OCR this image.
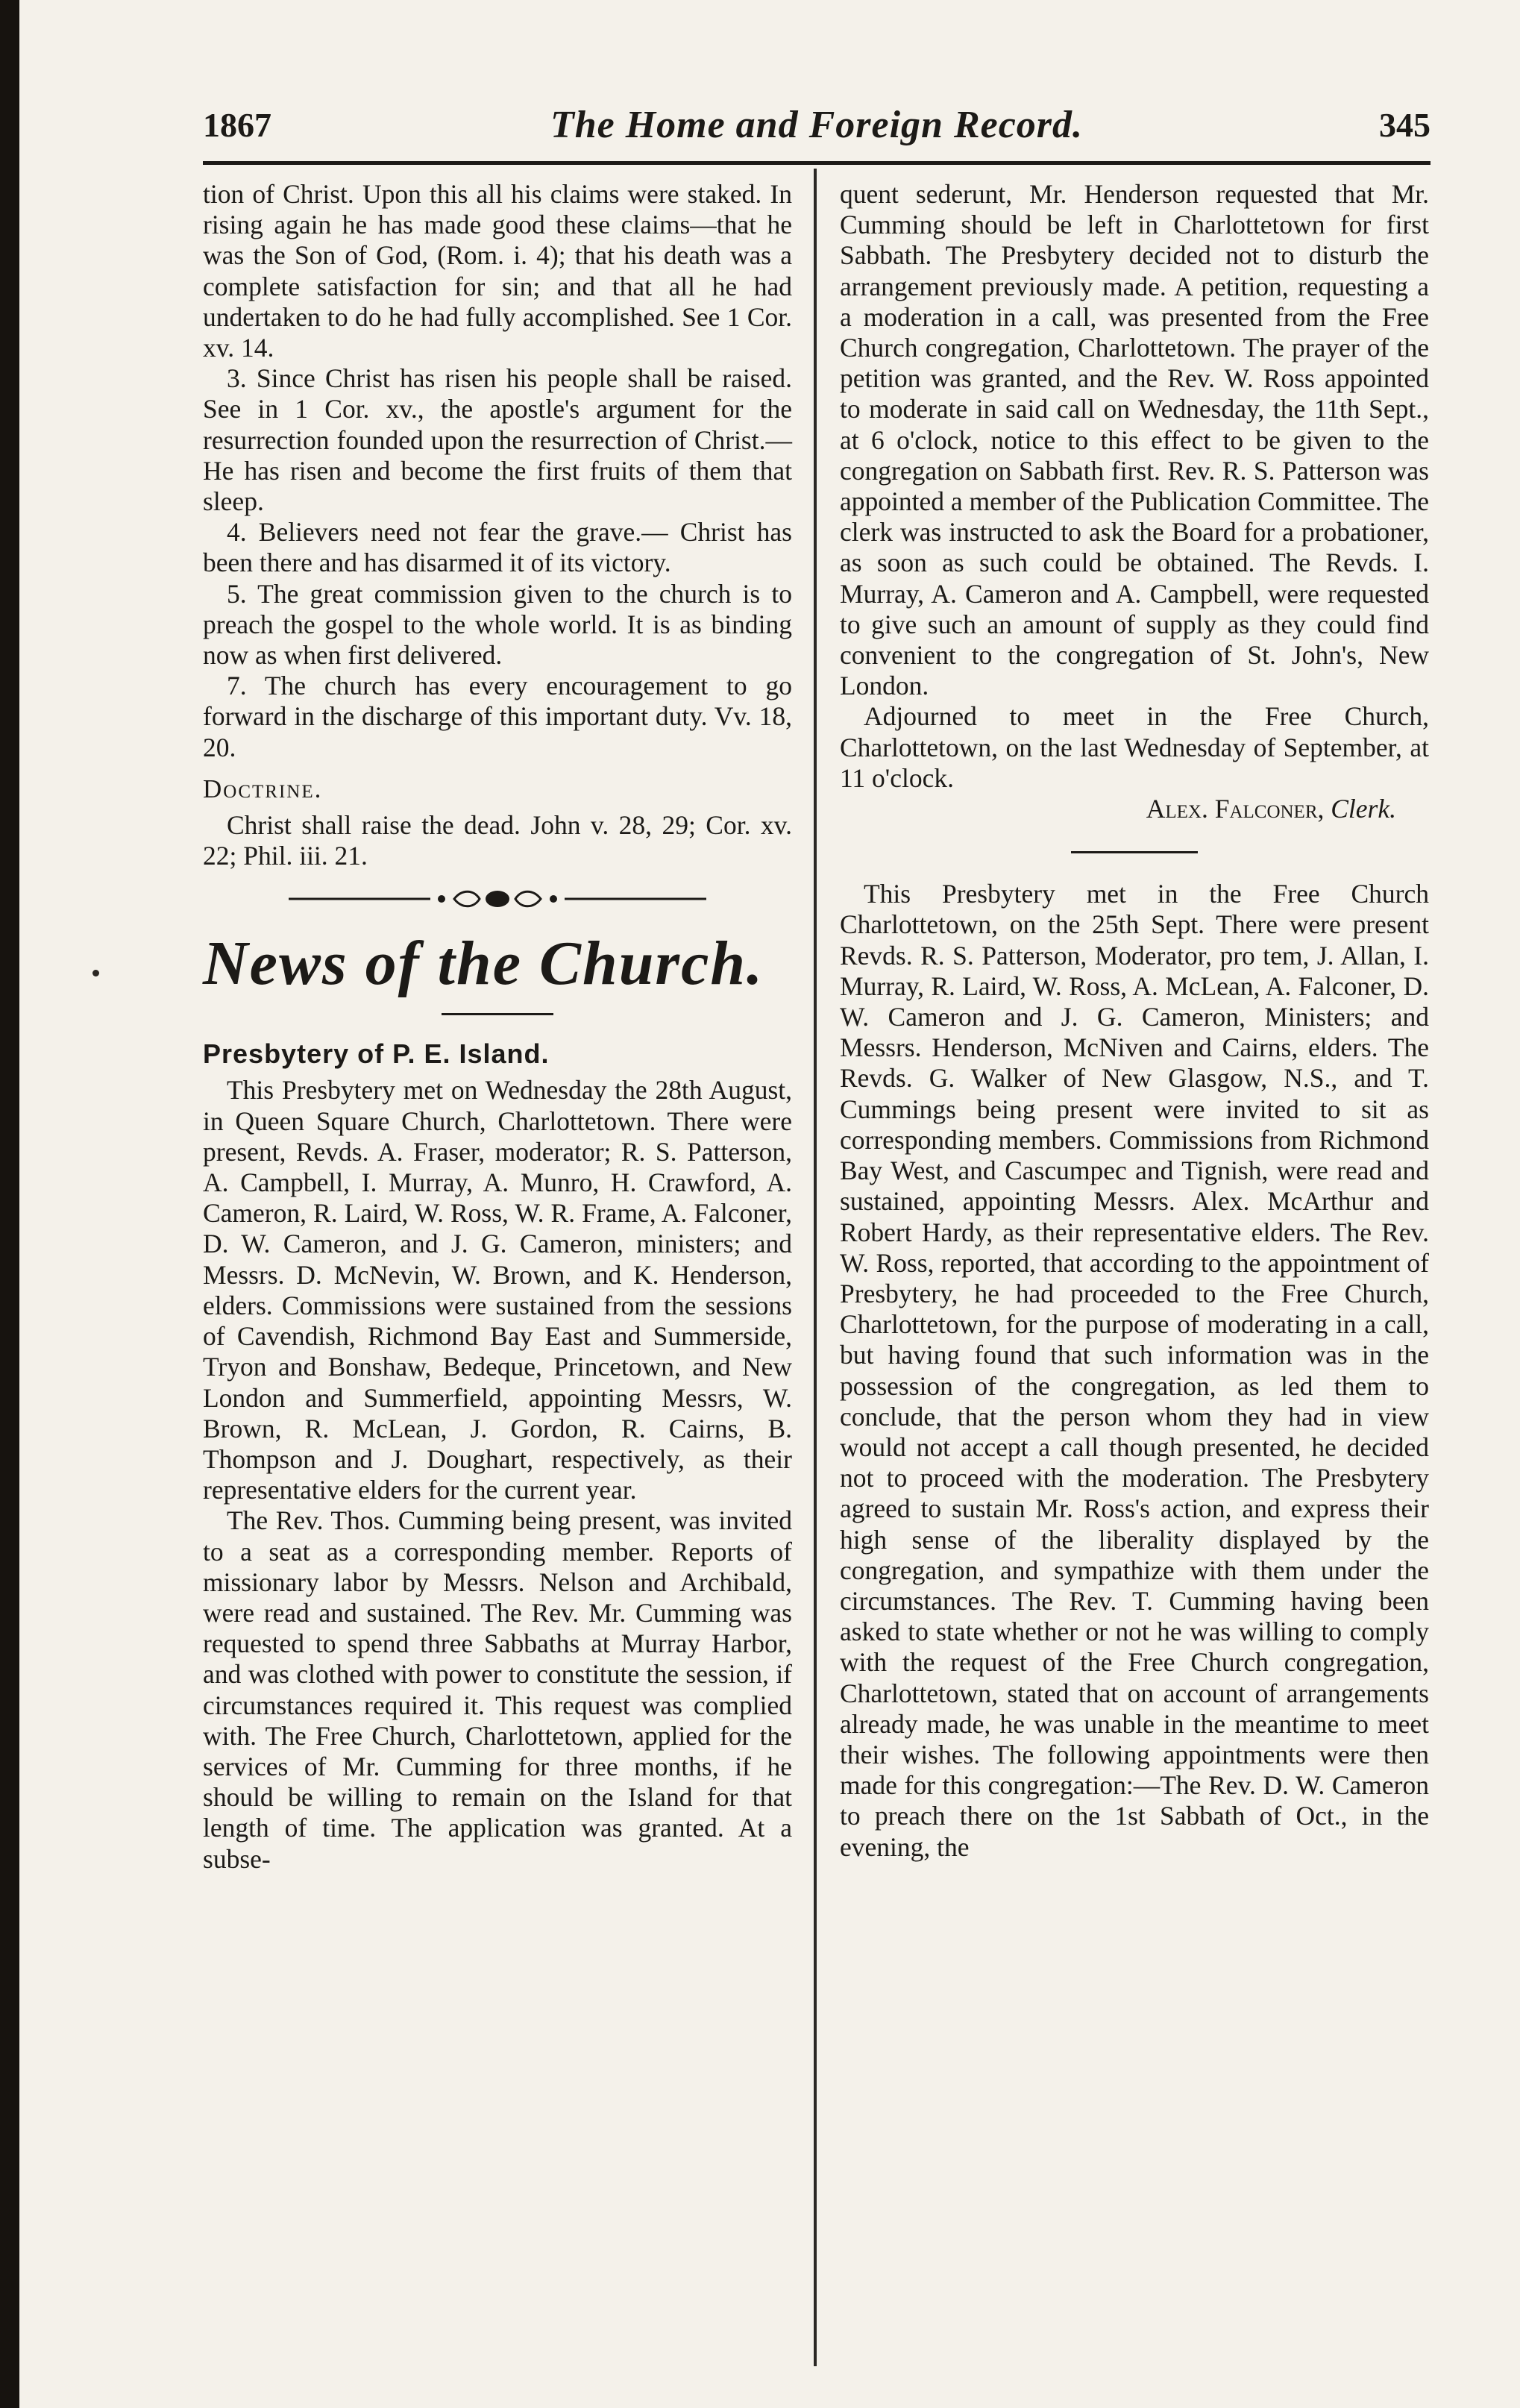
1867	The Home and Foreign Record.	345

tion of Christ. Upon this all his claims were staked. In rising again he has made good these claims—that he was the Son of God, (Rom. i. 4); that his death was a complete satisfaction for sin; and that all he had undertaken to do he had fully accomplished. See 1 Cor. xv. 14.

3. Since Christ has risen his people shall be raised. See in 1 Cor. xv., the apostle's argument for the resurrection founded upon the resurrection of Christ.— He has risen and become the first fruits of them that sleep.

4. Believers need not fear the grave.— Christ has been there and has disarmed it of its victory.

5. The great commission given to the church is to preach the gospel to the whole world. It is as binding now as when first delivered.

7. The church has every encouragement to go forward in the discharge of this important duty. Vv. 18, 20.

Doctrine.

Christ shall raise the dead. John v. 28, 29; Cor. xv. 22; Phil. iii. 21.

News of the Church.

Presbytery of P. E. Island.

This Presbytery met on Wednesday the 28th August, in Queen Square Church, Charlottetown. There were present, Revds. A. Fraser, moderator; R. S. Patterson, A. Campbell, I. Murray, A. Munro, H. Crawford, A. Cameron, R. Laird, W. Ross, W. R. Frame, A. Falconer, D. W. Cameron, and J. G. Cameron, ministers; and Messrs. D. McNevin, W. Brown, and K. Henderson, elders. Commissions were sustained from the sessions of Cavendish, Richmond Bay East and Summerside, Tryon and Bonshaw, Bedeque, Princetown, and New London and Summerfield, appointing Messrs, W. Brown, R. McLean, J. Gordon, R. Cairns, B. Thompson and J. Doughart, respectively, as their representative elders for the current year.

The Rev. Thos. Cumming being present, was invited to a seat as a corresponding member. Reports of missionary labor by Messrs. Nelson and Archibald, were read and sustained. The Rev. Mr. Cumming was requested to spend three Sabbaths at Murray Harbor, and was clothed with power to constitute the session, if circumstances required it. This request was complied with. The Free Church, Charlottetown, applied for the services of Mr. Cumming for three months, if he should be willing to remain on the Island for that length of time. The application was granted. At a subse-

quent sederunt, Mr. Henderson requested that Mr. Cumming should be left in Charlottetown for first Sabbath. The Presbytery decided not to disturb the arrangement previously made. A petition, requesting a a moderation in a call, was presented from the Free Church congregation, Charlottetown. The prayer of the petition was granted, and the Rev. W. Ross appointed to moderate in said call on Wednesday, the 11th Sept., at 6 o'clock, notice to this effect to be given to the congregation on Sabbath first. Rev. R. S. Patterson was appointed a member of the Publication Committee. The clerk was instructed to ask the Board for a probationer, as soon as such could be obtained. The Revds. I. Murray, A. Cameron and A. Campbell, were requested to give such an amount of supply as they could find convenient to the congregation of St. John's, New London.

Adjourned to meet in the Free Church, Charlottetown, on the last Wednesday of September, at 11 o'clock.

Alex. Falconer, Clerk.

This Presbytery met in the Free Church Charlottetown, on the 25th Sept. There were present Revds. R. S. Patterson, Moderator, pro tem, J. Allan, I. Murray, R. Laird, W. Ross, A. McLean, A. Falconer, D. W. Cameron and J. G. Cameron, Ministers; and Messrs. Henderson, McNiven and Cairns, elders. The Revds. G. Walker of New Glasgow, N.S., and T. Cummings being present were invited to sit as corresponding members. Commissions from Richmond Bay West, and Cascumpec and Tignish, were read and sustained, appointing Messrs. Alex. McArthur and Robert Hardy, as their representative elders. The Rev. W. Ross, reported, that according to the appointment of Presbytery, he had proceeded to the Free Church, Charlottetown, for the purpose of moderating in a call, but having found that such information was in the possession of the congregation, as led them to conclude, that the person whom they had in view would not accept a call though presented, he decided not to proceed with the moderation. The Presbytery agreed to sustain Mr. Ross's action, and express their high sense of the liberality displayed by the congregation, and sympathize with them under the circumstances. The Rev. T. Cumming having been asked to state whether or not he was willing to comply with the request of the Free Church congregation, Charlottetown, stated that on account of arrangements already made, he was unable in the meantime to meet their wishes. The following appointments were then made for this congregation:—The Rev. D. W. Cameron to preach there on the 1st Sabbath of Oct., in the evening, the
